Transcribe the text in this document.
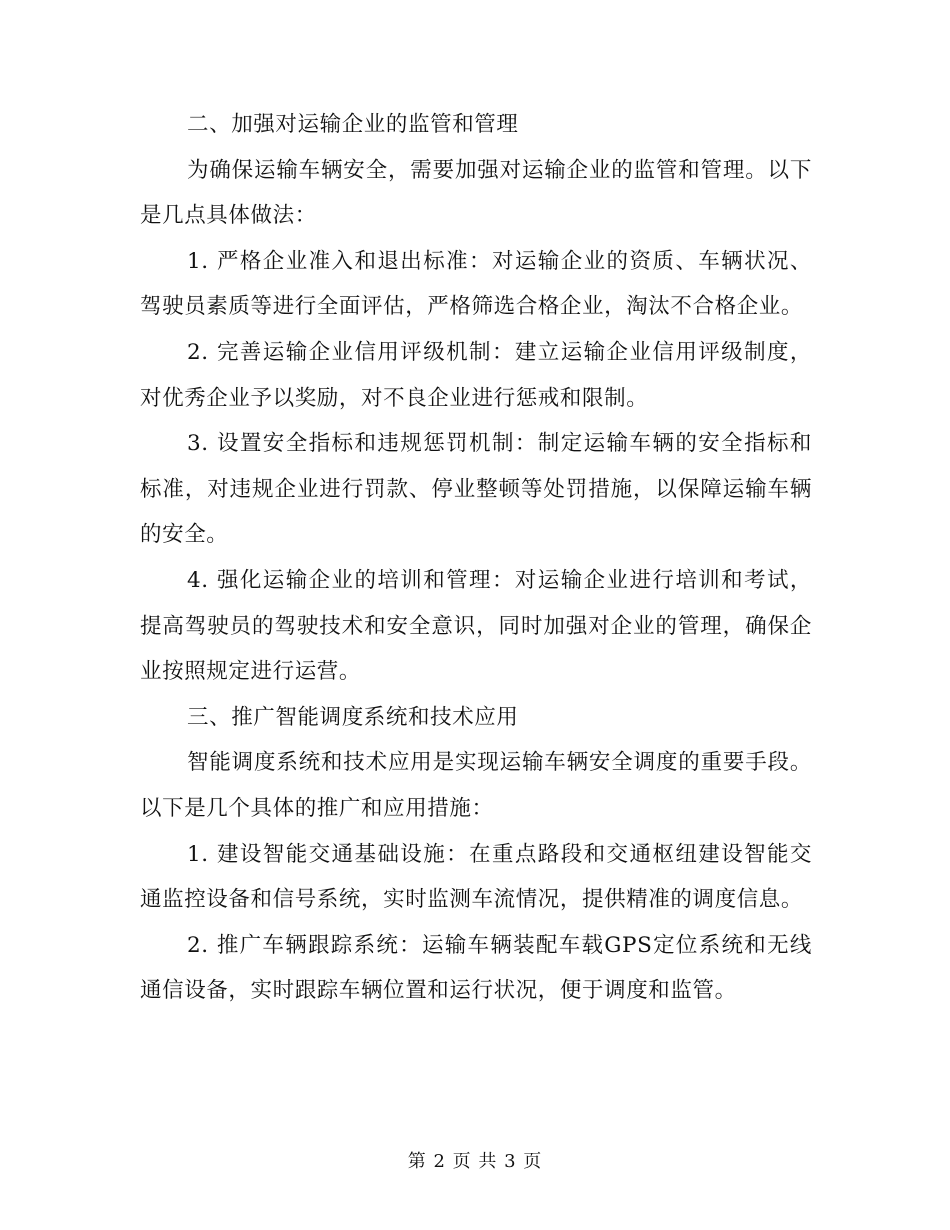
二、加强对运输企业的监管和管理

为确保运输车辆安全，需要加强对运输企业的监管和管理。以下是几点具体做法：

1. 严格企业准入和退出标准：对运输企业的资质、车辆状况、驾驶员素质等进行全面评估，严格筛选合格企业，淘汰不合格企业。

2. 完善运输企业信用评级机制：建立运输企业信用评级制度，对优秀企业予以奖励，对不良企业进行惩戒和限制。

3. 设置安全指标和违规惩罚机制：制定运输车辆的安全指标和标准，对违规企业进行罚款、停业整顿等处罚措施，以保障运输车辆的安全。

4. 强化运输企业的培训和管理：对运输企业进行培训和考试，提高驾驶员的驾驶技术和安全意识，同时加强对企业的管理，确保企业按照规定进行运营。

三、推广智能调度系统和技术应用

智能调度系统和技术应用是实现运输车辆安全调度的重要手段。以下是几个具体的推广和应用措施：

1. 建设智能交通基础设施：在重点路段和交通枢纽建设智能交通监控设备和信号系统，实时监测车流情况，提供精准的调度信息。

2. 推广车辆跟踪系统：运输车辆装配车载GPS定位系统和无线通信设备，实时跟踪车辆位置和运行状况，便于调度和监管。

第 2 页 共 3 页
